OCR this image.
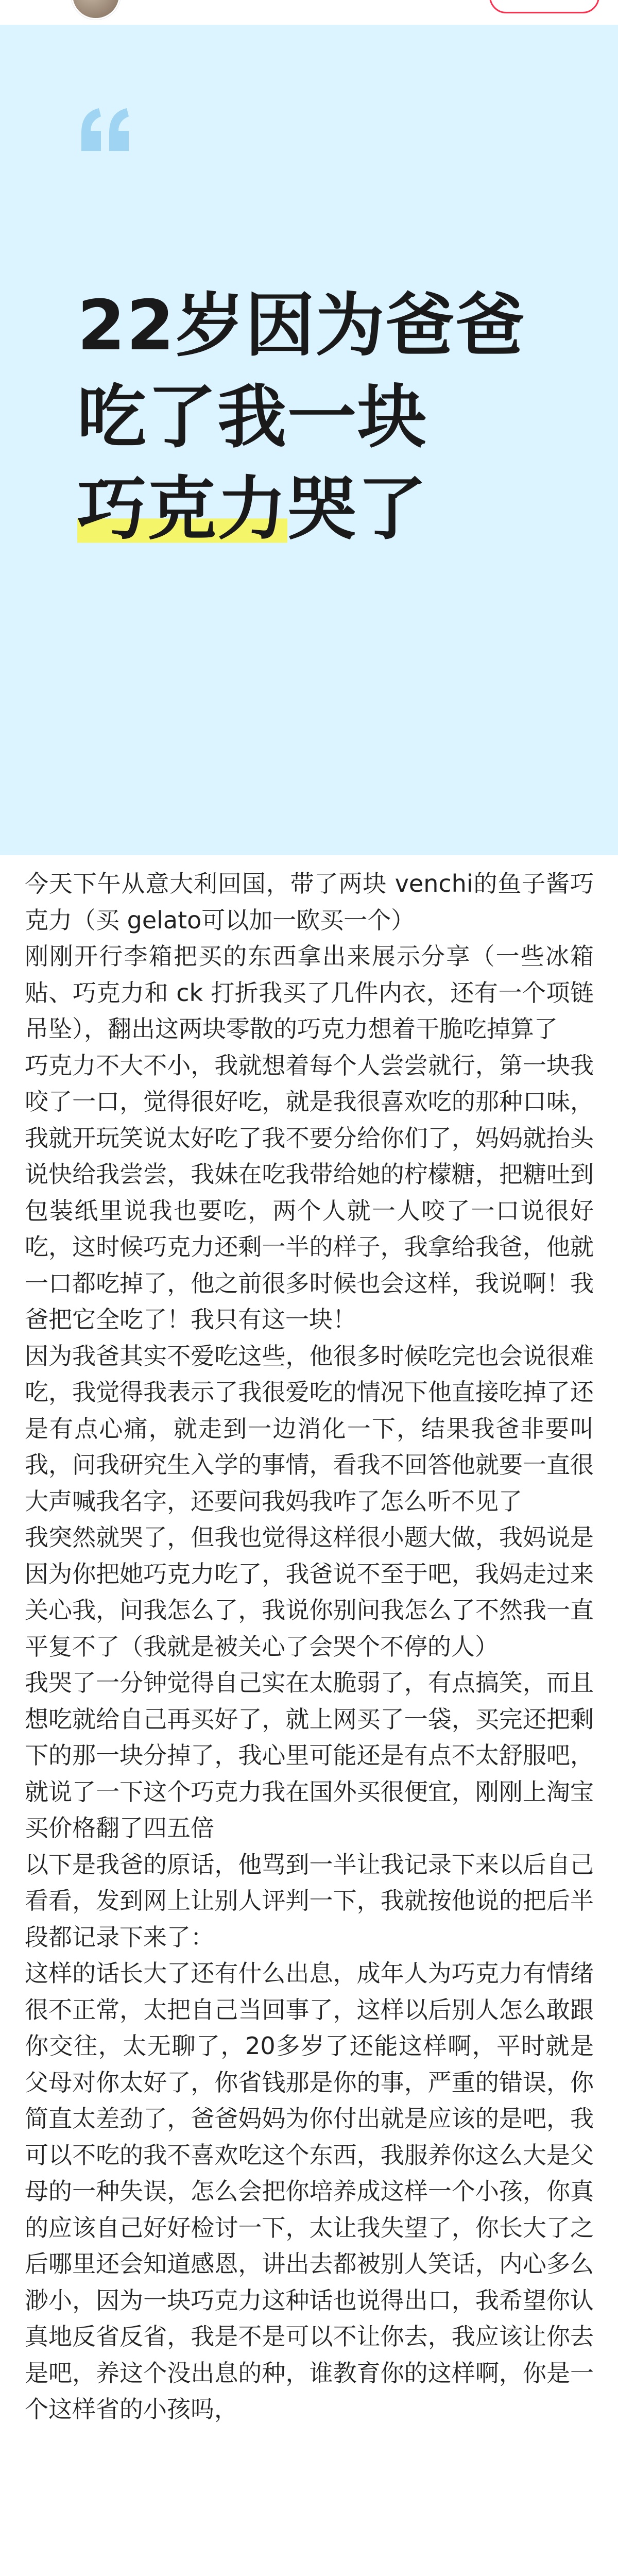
22岁因为爸爸
吃了我一块
巧克力哭了

今天下午从意大利回国，带了两块 venchi的鱼子酱巧克力（买 gelato可以加一欧买一个）

刚刚开行李箱把买的东西拿出来展示分享（一些冰箱贴、巧克力和 ck 打折我买了几件内衣，还有一个项链吊坠），翻出这两块零散的巧克力想着干脆吃掉算了

巧克力不大不小，我就想着每个人尝尝就行，第一块我咬了一口，觉得很好吃，就是我很喜欢吃的那种口味，我就开玩笑说太好吃了我不要分给你们了，妈妈就抬头说快给我尝尝，我妹在吃我带给她的柠檬糖，把糖吐到包装纸里说我也要吃，两个人就一人咬了一口说很好吃，这时候巧克力还剩一半的样子，我拿给我爸，他就一口都吃掉了，他之前很多时候也会这样，我说啊！我爸把它全吃了！我只有这一块！

因为我爸其实不爱吃这些，他很多时候吃完也会说很难吃，我觉得我表示了我很爱吃的情况下他直接吃掉了还是有点心痛，就走到一边消化一下，结果我爸非要叫我，问我研究生入学的事情，看我不回答他就要一直很大声喊我名字，还要问我妈我咋了怎么听不见了

我突然就哭了，但我也觉得这样很小题大做，我妈说是因为你把她巧克力吃了，我爸说不至于吧，我妈走过来关心我，问我怎么了，我说你别问我怎么了不然我一直平复不了（我就是被关心了会哭个不停的人）

我哭了一分钟觉得自己实在太脆弱了，有点搞笑，而且想吃就给自己再买好了，就上网买了一袋，买完还把剩下的那一块分掉了，我心里可能还是有点不太舒服吧，就说了一下这个巧克力我在国外买很便宜，刚刚上淘宝买价格翻了四五倍

以下是我爸的原话，他骂到一半让我记录下来以后自己看看，发到网上让别人评判一下，我就按他说的把后半段都记录下来了：

这样的话长大了还有什么出息，成年人为巧克力有情绪很不正常，太把自己当回事了，这样以后别人怎么敢跟你交往，太无聊了，20多岁了还能这样啊，平时就是父母对你太好了，你省钱那是你的事，严重的错误，你简直太差劲了，爸爸妈妈为你付出就是应该的是吧，我可以不吃的我不喜欢吃这个东西，我服养你这么大是父母的一种失误，怎么会把你培养成这样一个小孩，你真的应该自己好好检讨一下，太让我失望了，你长大了之后哪里还会知道感恩，讲出去都被别人笑话，内心多么渺小，因为一块巧克力这种话也说得出口，我希望你认真地反省反省，我是不是可以不让你去，我应该让你去是吧，养这个没出息的种，谁教育你的这样啊，你是一个这样省的小孩吗，
